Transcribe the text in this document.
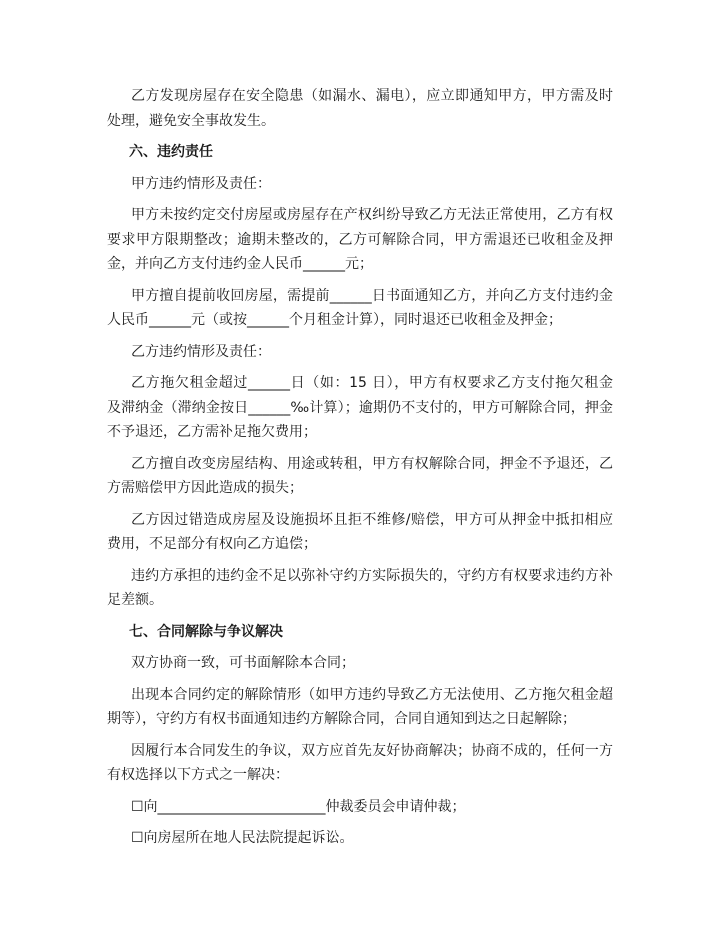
乙方发现房屋存在安全隐患（如漏水、漏电），应立即通知甲方，甲方需及时
处理，避免安全事故发生。
六、违约责任
甲方违约情形及责任：
甲方未按约定交付房屋或房屋存在产权纠纷导致乙方无法正常使用，乙方有权
要求甲方限期整改；逾期未整改的，乙方可解除合同，甲方需退还已收租金及押
金，并向乙方支付违约金人民币______元；
甲方擅自提前收回房屋，需提前______日书面通知乙方，并向乙方支付违约金
人民币______元（或按______个月租金计算），同时退还已收租金及押金；
乙方违约情形及责任：
乙方拖欠租金超过______日（如：15 日），甲方有权要求乙方支付拖欠租金
及滞纳金（滞纳金按日______‰计算）；逾期仍不支付的，甲方可解除合同，押金
不予退还，乙方需补足拖欠费用；
乙方擅自改变房屋结构、用途或转租，甲方有权解除合同，押金不予退还，乙
方需赔偿甲方因此造成的损失；
乙方因过错造成房屋及设施损坏且拒不维修/赔偿，甲方可从押金中抵扣相应
费用，不足部分有权向乙方追偿；
违约方承担的违约金不足以弥补守约方实际损失的，守约方有权要求违约方补
足差额。
七、合同解除与争议解决
双方协商一致，可书面解除本合同；
出现本合同约定的解除情形（如甲方违约导致乙方无法使用、乙方拖欠租金超
期等），守约方有权书面通知违约方解除合同，合同自通知到达之日起解除；
因履行本合同发生的争议，双方应首先友好协商解决；协商不成的，任何一方
有权选择以下方式之一解决：
☐向________________________仲裁委员会申请仲裁；
☐向房屋所在地人民法院提起诉讼。
